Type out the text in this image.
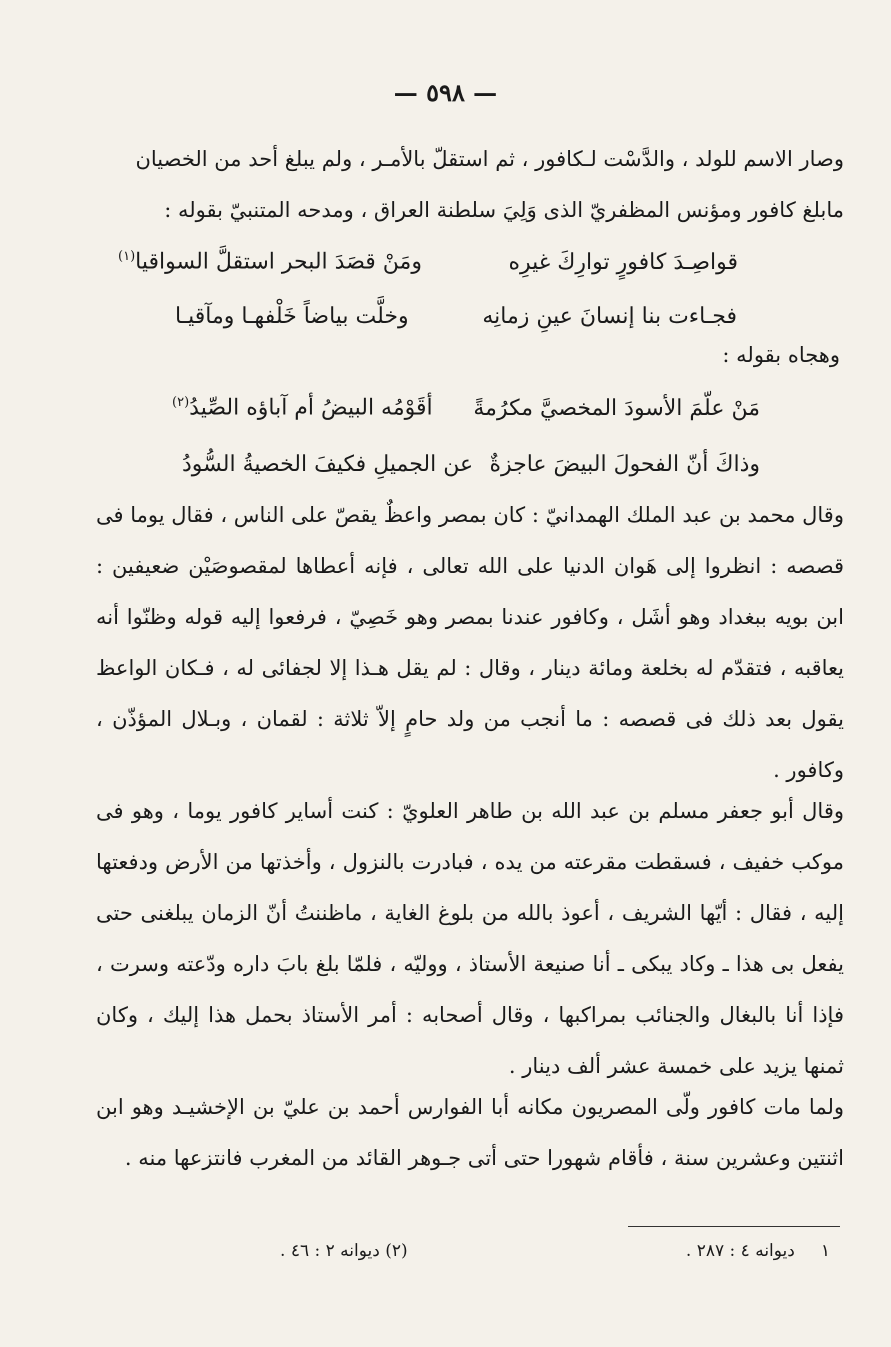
— ٥٩٨ —
وصار الاسم للولد ، والدَّسْت لـكافور ، ثم استقلّ بالأمـر ، ولم يبلغ أحد من الخصيان
مابلغ كافور ومؤنس المظفريّ الذى وَلِيَ سلطنة العراق ، ومدحه المتنبيّ بقوله :
قواصِـدَ كافورٍ توارِكَ غيرِه
ومَنْ قصَدَ البحر استقلَّ السواقيا$^{(١)}$
فجـاءت بنا إنسانَ عينِ زمانِه
وخلَّت بياضاً خَلْفهـا ومآقيـا
وهجاه بقوله :
مَنْ علّمَ الأسودَ المخصيَّ مكرُمةً
أقَوْمُه البيضُ أم آباؤه الصِّيدُ$^{(٢)}$
وذاكَ أنّ الفحولَ البيضَ عاجزةٌ
عن الجميلِ فكيفَ الخصيةُ السُّودُ
وقال محمد بن عبد الملك الهمدانيّ : كان بمصر واعظٌ يقصّ على الناس ، فقال يوما فى قصصه : انظروا إلى هَوان الدنيا على الله تعالى ، فإنه أعطاها لمقصوصَيْن ضعيفين : ابن بويه ببغداد وهو أشَل ، وكافور عندنا بمصر وهو خَصِيّ ، فرفعوا إليه قوله وظنّوا أنه يعاقبه ، فتقدّم له بخلعة ومائة دينار ، وقال : لم يقل هـذا إلا لجفائى له ، فـكان الواعظ يقول بعد ذلك فى قصصه : ما أنجب من ولد حامٍ إلاّ ثلاثة : لقمان ، وبـلال المؤذّن ، وكافور .
وقال أبو جعفر مسلم بن عبد الله بن طاهر العلويّ : كنت أساير كافور يوما ، وهو فى موكب خفيف ، فسقطت مقرعته من يده ، فبادرت بالنزول ، وأخذتها من الأرض ودفعتها إليه ، فقال : أيّها الشريف ، أعوذ بالله من بلوغ الغاية ، ماظننتُ أنّ الزمان يبلغنى حتى يفعل بى هذا ـ وكاد يبكى ـ أنا صنيعة الأستاذ ، ووليّه ، فلمّا بلغ بابَ داره ودّعته وسرت ، فإذا أنا بالبغال والجنائب بمراكبها ، وقال أصحابه : أمر الأستاذ بحمل هذا إليك ، وكان ثمنها يزيد على خمسة عشر ألف دينار .
ولما مات كافور ولّى المصريون مكانه أبا الفوارس أحمد بن عليّ بن الإخشيـد وهو ابن اثنتين وعشرين سنة ، فأقام شهورا حتى أتى جـوهر القائد من المغرب فانتزعها منه .
١ديوانه ٤ : ٢٨٧ .
(٢) ديوانه ٢ : ٤٦ .
